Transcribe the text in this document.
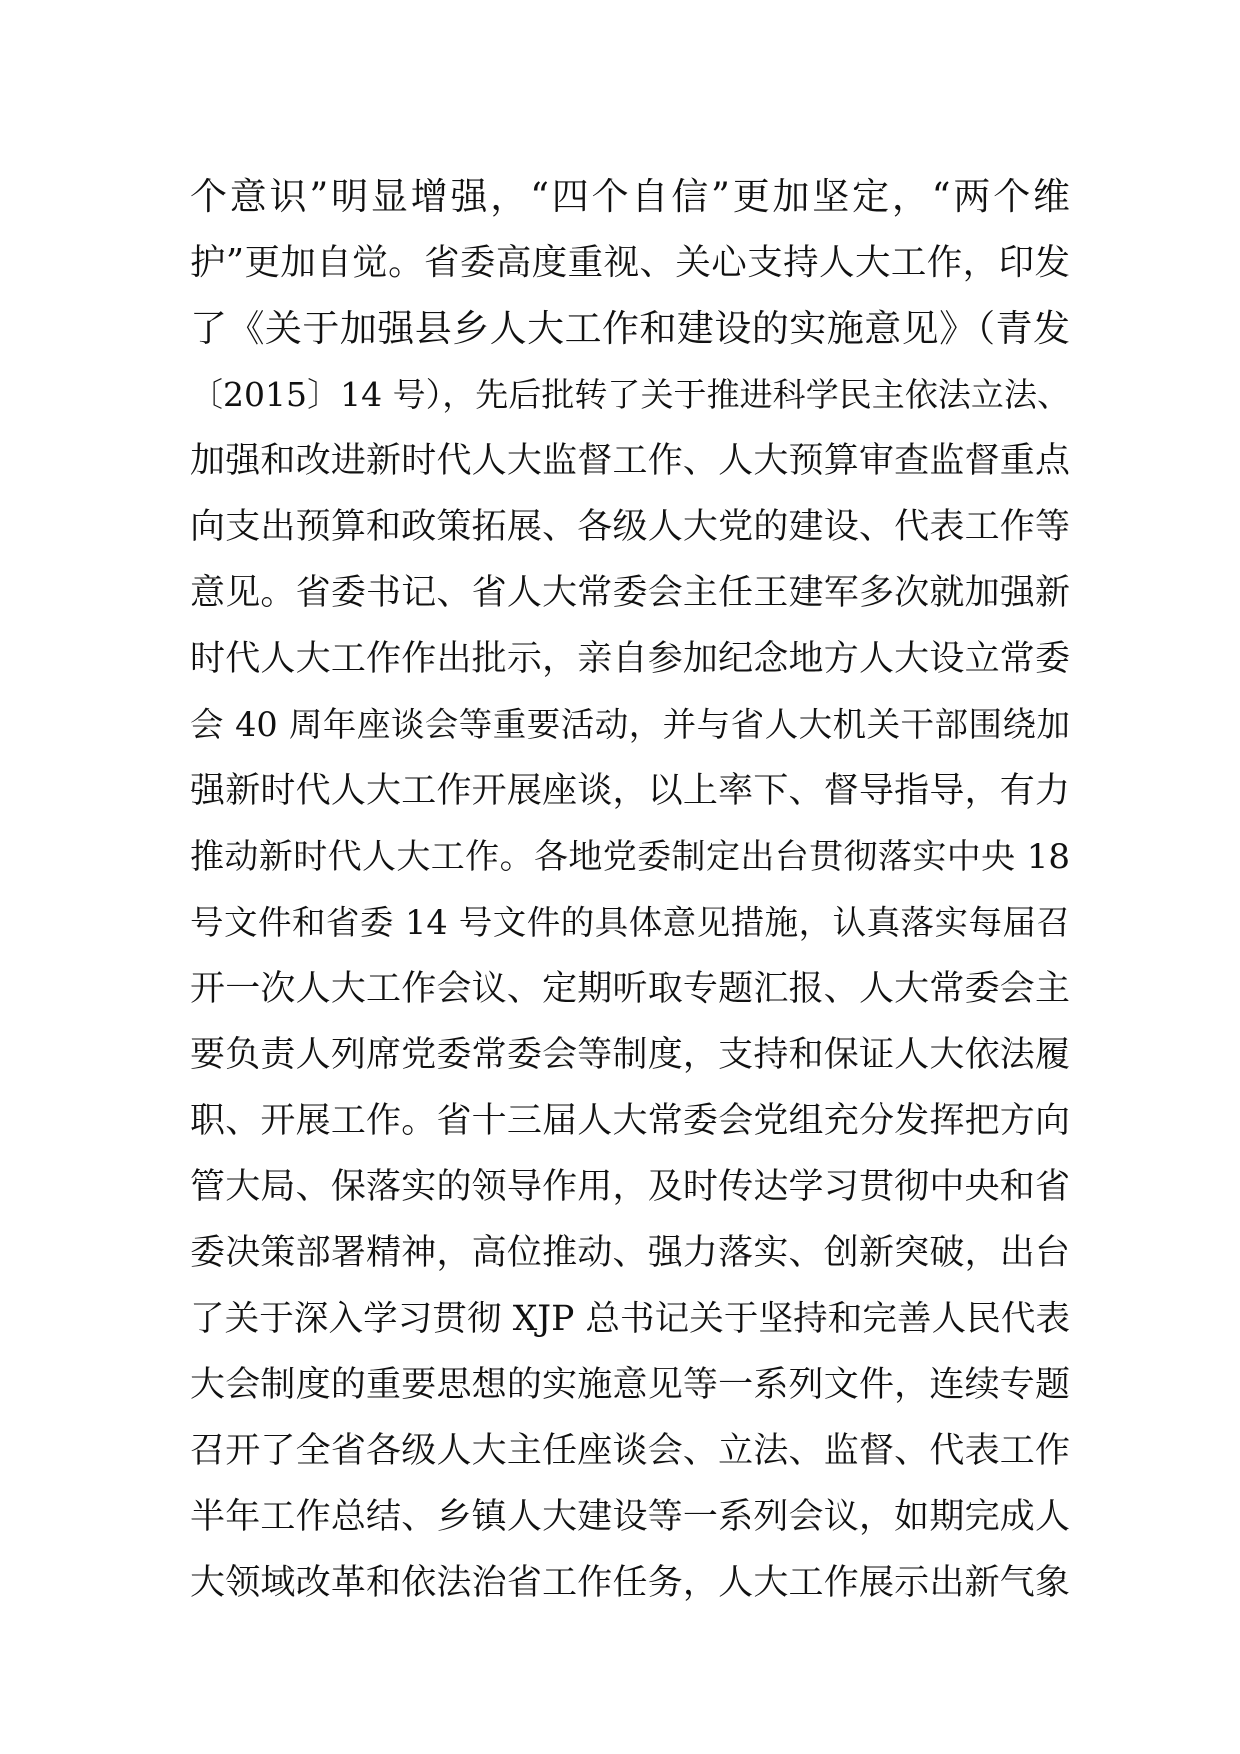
个意识”明显增强，“四个自信”更加坚定，“两个维
护”更加自觉。省委高度重视、关心支持人大工作，印发
了《关于加强县乡人大工作和建设的实施意见》（青发
〔2015〕14 号），先后批转了关于推进科学民主依法立法、
加强和改进新时代人大监督工作、人大预算审查监督重点
向支出预算和政策拓展、各级人大党的建设、代表工作等
意见。省委书记、省人大常委会主任王建军多次就加强新
时代人大工作作出批示，亲自参加纪念地方人大设立常委
会 40 周年座谈会等重要活动，并与省人大机关干部围绕加
强新时代人大工作开展座谈，以上率下、督导指导，有力
推动新时代人大工作。各地党委制定出台贯彻落实中央 18
号文件和省委 14 号文件的具体意见措施，认真落实每届召
开一次人大工作会议、定期听取专题汇报、人大常委会主
要负责人列席党委常委会等制度，支持和保证人大依法履
职、开展工作。省十三届人大常委会党组充分发挥把方向
管大局、保落实的领导作用，及时传达学习贯彻中央和省
委决策部署精神，高位推动、强力落实、创新突破，出台
了关于深入学习贯彻 XJP 总书记关于坚持和完善人民代表
大会制度的重要思想的实施意见等一系列文件，连续专题
召开了全省各级人大主任座谈会、立法、监督、代表工作
半年工作总结、乡镇人大建设等一系列会议，如期完成人
大领域改革和依法治省工作任务，人大工作展示出新气象
